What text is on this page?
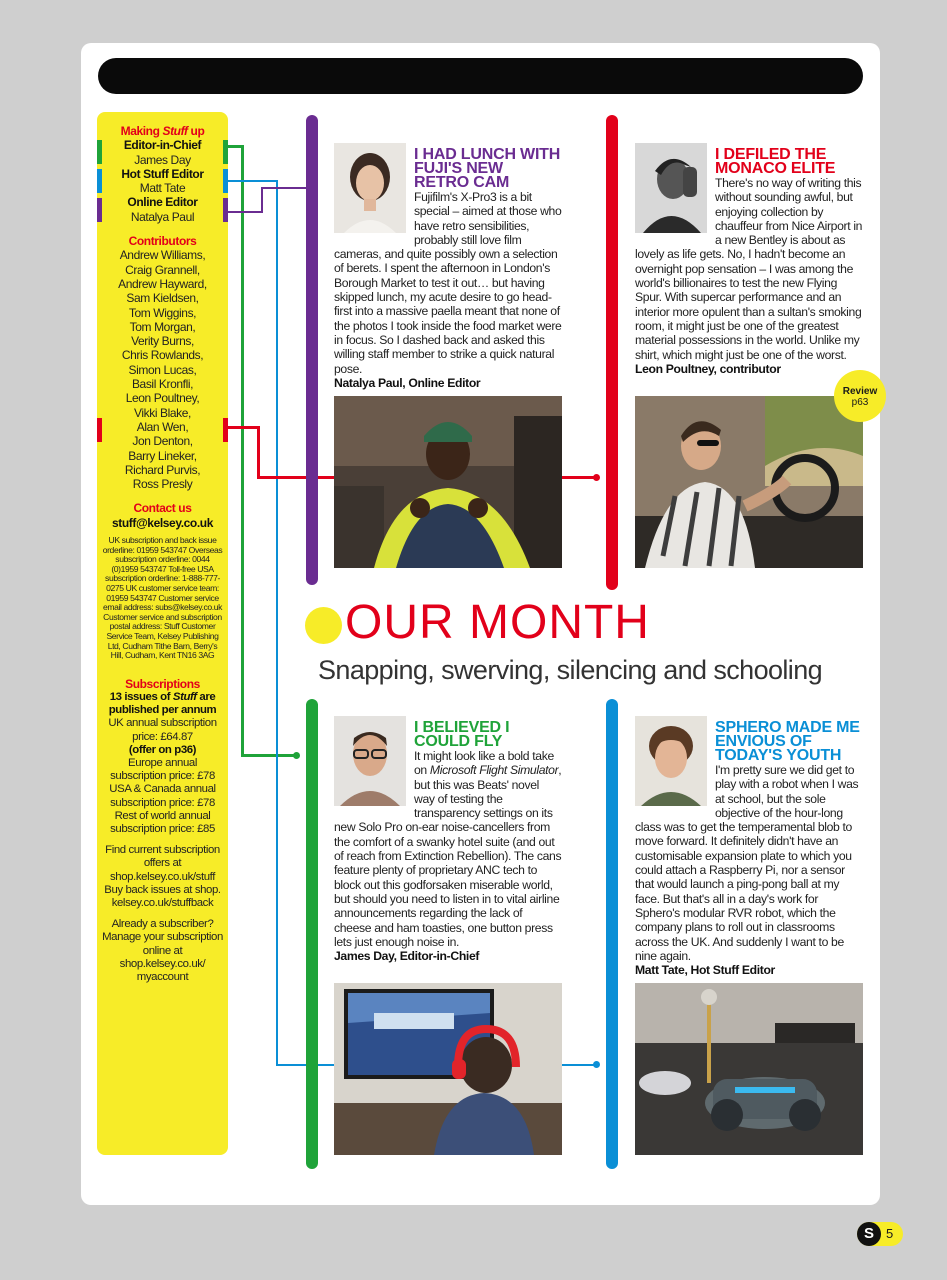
Making Stuff up
Editor-in-Chief
James Day
Hot Stuff Editor
Matt Tate
Online Editor
Natalya Paul
Contributors
Andrew Williams,
Craig Grannell,
Andrew Hayward,
Sam Kieldsen,
Tom Wiggins,
Tom Morgan,
Verity Burns,
Chris Rowlands,
Simon Lucas,
Basil Kronfli,
Leon Poultney,
Vikki Blake,
Alan Wen,
Jon Denton,
Barry Lineker,
Richard Purvis,
Ross Presly
Contact us
stuff@kelsey.co.uk
UK subscription and back issue orderline: 01959 543747 Overseas subscription orderline: 0044 (0)1959 543747 Toll-free USA subscription orderline: 1-888-777-0275 UK customer service team: 01959 543747 Customer service email address: subs@kelsey.co.uk Customer service and subscription postal address: Stuff Customer Service Team, Kelsey Publishing Ltd, Cudham Tithe Barn, Berry's Hill, Cudham, Kent TN16 3AG
Subscriptions
13 issues of Stuff are published per annum
UK annual subscription price: £64.87
(offer on p36)
Europe annual subscription price: £78
USA & Canada annual subscription price: £78
Rest of world annual subscription price: £85
Find current subscription offers at shop.kelsey.co.uk/stuff Buy back issues at shop. kelsey.co.uk/stuffback
Already a subscriber? Manage your subscription online at shop.kelsey.co.uk/ myaccount
I HAD LUNCH WITH FUJI'S NEW RETRO CAM

Fujifilm's X-Pro3 is a bit special – aimed at those who have retro sensibilities, probably still love film cameras, and quite possibly own a selection of berets. I spent the afternoon in London's Borough Market to test it out… but having skipped lunch, my acute desire to go head-first into a massive paella meant that none of the photos I took inside the food market were in focus. So I dashed back and asked this willing staff member to strike a quick natural pose.

Natalya Paul, Online Editor
I DEFILED THE MONACO ELITE

There's no way of writing this without sounding awful, but enjoying collection by chauffeur from Nice Airport in a new Bentley is about as lovely as life gets. No, I hadn't become an overnight pop sensation – I was among the world's billionaires to test the new Flying Spur. With supercar performance and an interior more opulent than a sultan's smoking room, it might just be one of the greatest material possessions in the world. Unlike my shirt, which might just be one of the worst.

Leon Poultney, contributor
Review
p63
OUR MONTH
Snapping, swerving, silencing and schooling
I BELIEVED I COULD FLY

It might look like a bold take on Microsoft Flight Simulator, but this was Beats' novel way of testing the transparency settings on its new Solo Pro on-ear noise-cancellers from the comfort of a swanky hotel suite (and out of reach from Extinction Rebellion). The cans feature plenty of proprietary ANC tech to block out this godforsaken miserable world, but should you need to listen in to vital airline announcements regarding the lack of cheese and ham toasties, one button press lets just enough noise in.

James Day, Editor-in-Chief
SPHERO MADE ME ENVIOUS OF TODAY'S YOUTH

I'm pretty sure we did get to play with a robot when I was at school, but the sole objective of the hour-long class was to get the temperamental blob to move forward. It definitely didn't have an customisable expansion plate to which you could attach a Raspberry Pi, nor a sensor that would launch a ping-pong ball at my face. But that's all in a day's work for Sphero's modular RVR robot, which the company plans to roll out in classrooms across the UK. And suddenly I want to be nine again.

Matt Tate, Hot Stuff Editor
S 5
